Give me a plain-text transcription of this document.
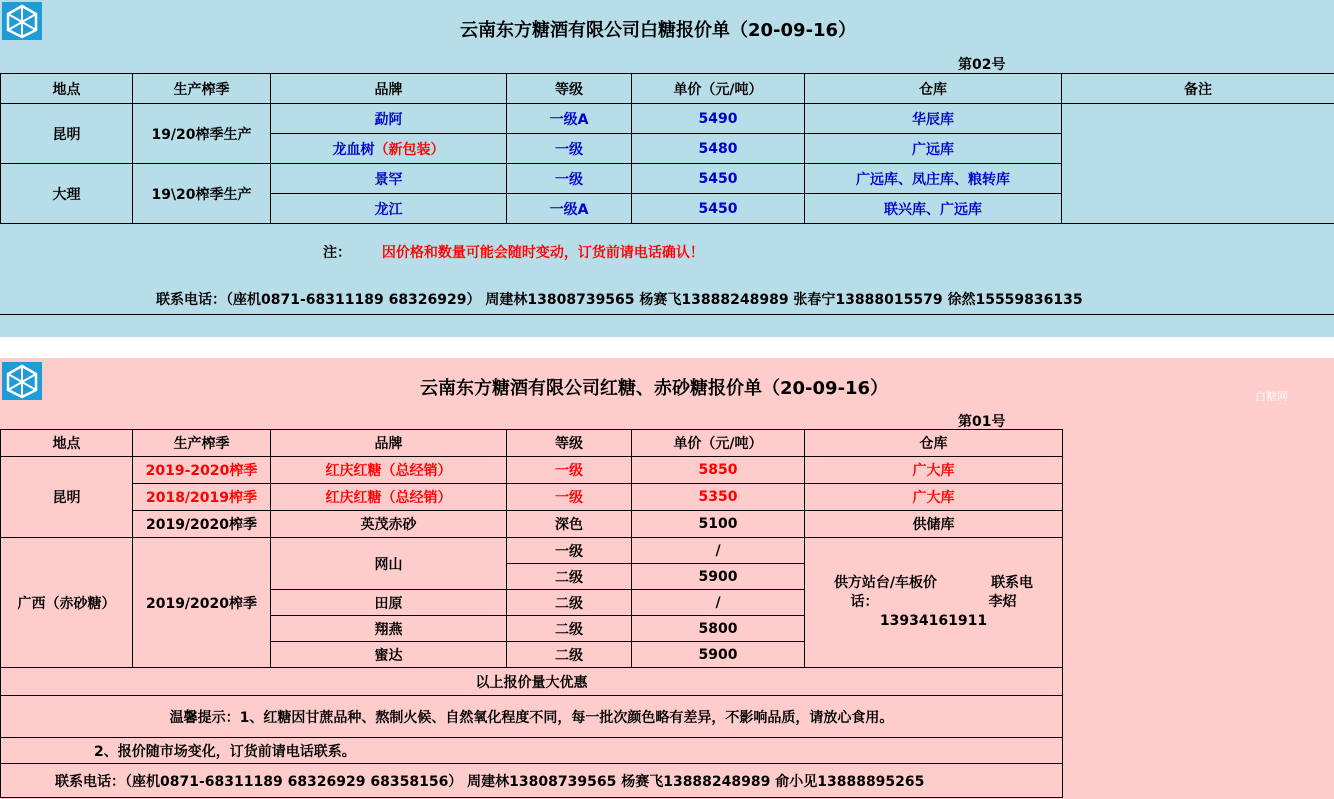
云南东方糖酒有限公司白糖报价单（20-09-16）
第02号
地点	生产榨季	品牌	等级	单价（元/吨）	仓库	备注
昆明	19/20榨季生产	勐阿	一级A	5490	华辰库	
		龙血树（新包装）	一级	5480	广远库	
大理	19\20榨季生产	景罕	一级	5450	广远库、凤庄库、粮转库	
		龙江	一级A	5450	联兴库、广远库	
注： 因价格和数量可能会随时变动，订货前请电话确认！
联系电话：（座机0871-68311189 68326929） 周建林13808739565 杨赛飞13888248989 张春宁13888015579 徐然15559836135
云南东方糖酒有限公司红糖、赤砂糖报价单（20-09-16）	白糖网
第01号
地点	生产榨季	品牌	等级	单价（元/吨）	仓库
昆明	2019-2020榨季	红庆红糖（总经销）	一级	5850	广大库
	2018/2019榨季	红庆红糖（总经销）	一级	5350	广大库
	2019/2020榨季	英茂赤砂	深色	5100	供储库
广西（赤砂糖）	2019/2020榨季	网山	一级	/	供方站台/车板价 联系电
话： 李炤
13934161911

			二级	5900	
		田原	二级	/	
		翔燕	二级	5800	
		蜜达	二级	5900	
以上报价量大优惠					
温馨提示：1、红糖因甘蔗品种、熬制火候、自然氧化程度不同，每一批次颜色略有差异，不影响品质，请放心食用。					
2、报价随市场变化，订货前请电话联系。					
联系电话：（座机0871-68311189 68326929 68358156） 周建林13808739565 杨赛飞13888248989 俞小见13888895265					
